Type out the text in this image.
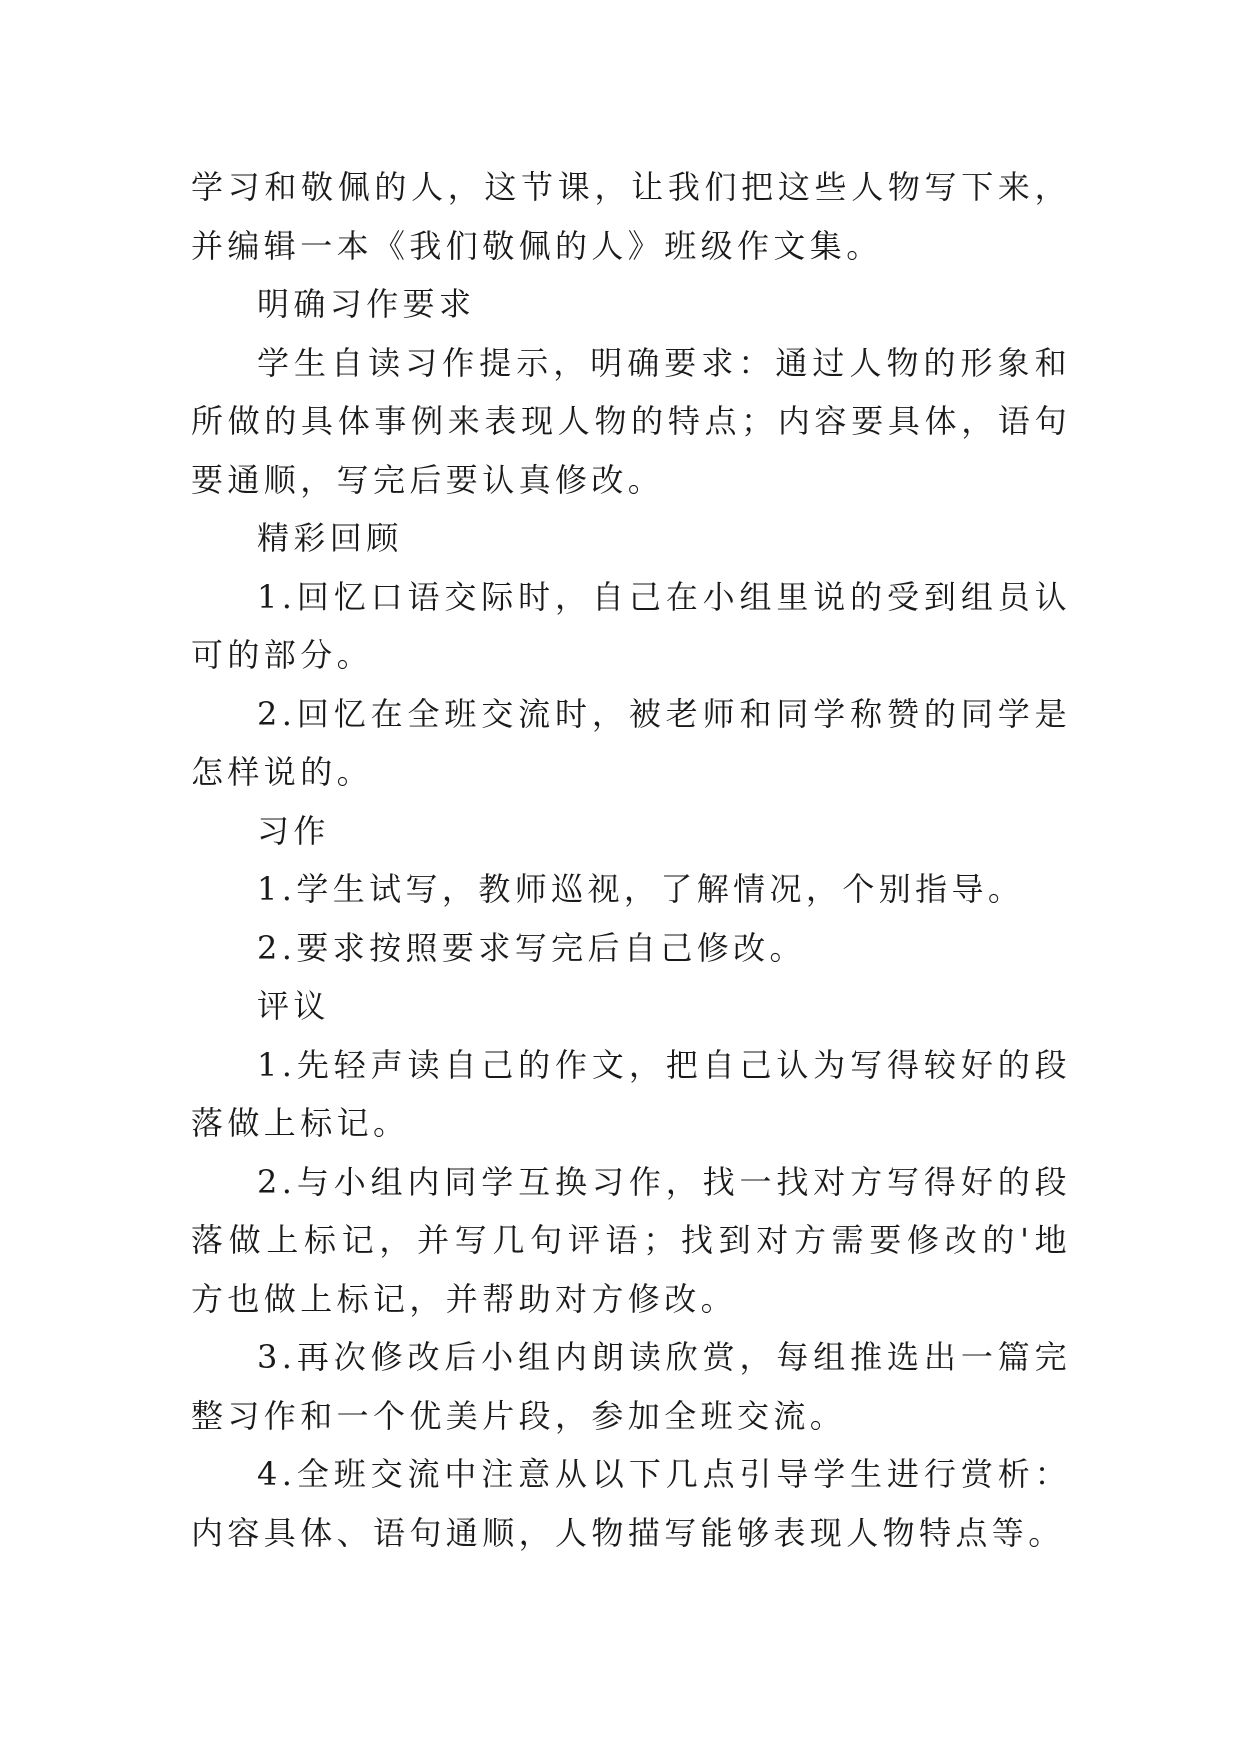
学习和敬佩的人，这节课，让我们把这些人物写下来，并编辑一本《我们敬佩的人》班级作文集。

明确习作要求

学生自读习作提示，明确要求：通过人物的形象和所做的具体事例来表现人物的特点；内容要具体，语句要通顺，写完后要认真修改。

精彩回顾

1.回忆口语交际时，自己在小组里说的受到组员认可的部分。

2.回忆在全班交流时，被老师和同学称赞的同学是怎样说的。

习作

1.学生试写，教师巡视，了解情况，个别指导。

2.要求按照要求写完后自己修改。

评议

1.先轻声读自己的作文，把自己认为写得较好的段落做上标记。

2.与小组内同学互换习作，找一找对方写得好的段落做上标记，并写几句评语；找到对方需要修改的'地方也做上标记，并帮助对方修改。

3.再次修改后小组内朗读欣赏，每组推选出一篇完整习作和一个优美片段，参加全班交流。

4.全班交流中注意从以下几点引导学生进行赏析：内容具体、语句通顺，人物描写能够表现人物特点等。
